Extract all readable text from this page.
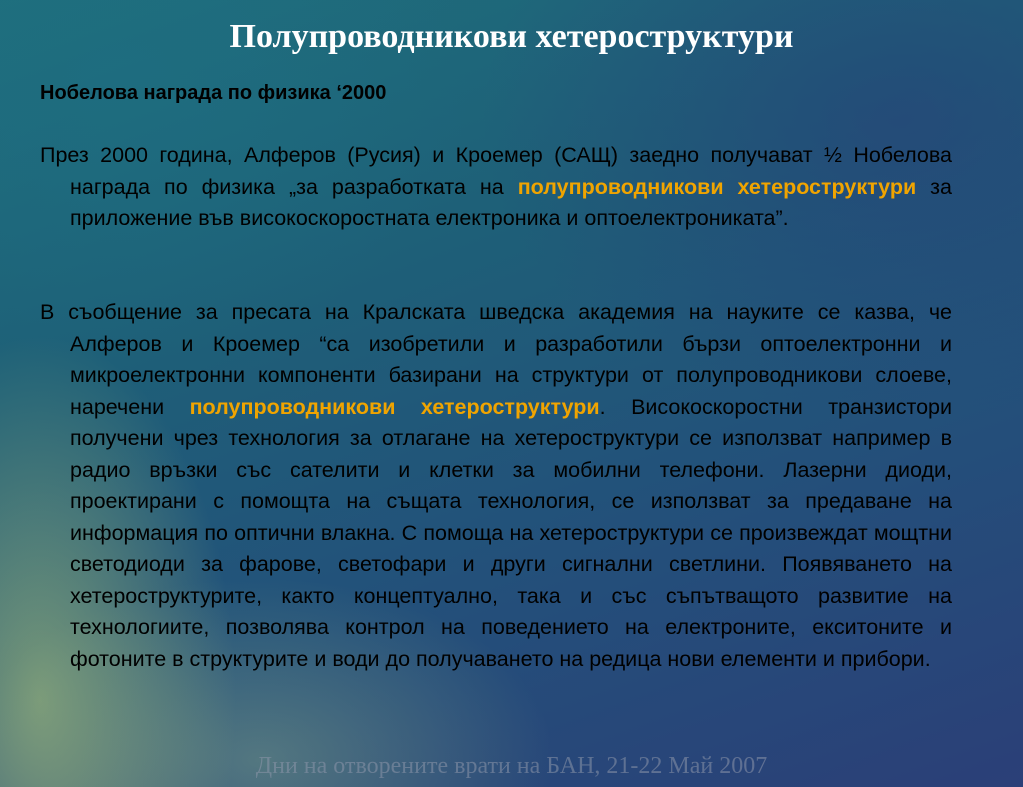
Полупроводникови хетероструктури

Нобелова награда по физика ‘2000

През 2000 година, Алферов (Русия) и Кроемер (САЩ) заедно получават ½ Нобелова награда по физика „за разработката на полупроводникови хетероструктури за приложение във високоскоростната електроника и оптоелектрониката”.

В съобщение за пресата на Кралската шведска академия на науките се казва, че Алферов и Кроемер “са изобретили и разработили бързи оптоелектронни и микроелектронни компоненти базирани на структури от полупроводникови слоеве, наречени полупроводникови хетероструктури. Високоскоростни транзистори получени чрез технология за отлагане на хетероструктури се използват например в радио връзки със сателити и клетки за мобилни телефони. Лазерни диоди, проектирани с помощта на същата технология, се използват за предаване на информация по оптични влакна. С помоща на хетероструктури се произвеждат мощтни светодиоди за фарове, светофари и други сигнални светлини. Появяването на хетероструктурите, както концептуално, така и със съпътващото развитие на технологиите, позволява контрол на поведението на електроните, екситоните и фотоните в структурите и води до получаването на редица нови елементи и прибори.

Дни на отворените врати на БАН, 21-22 Май 2007
